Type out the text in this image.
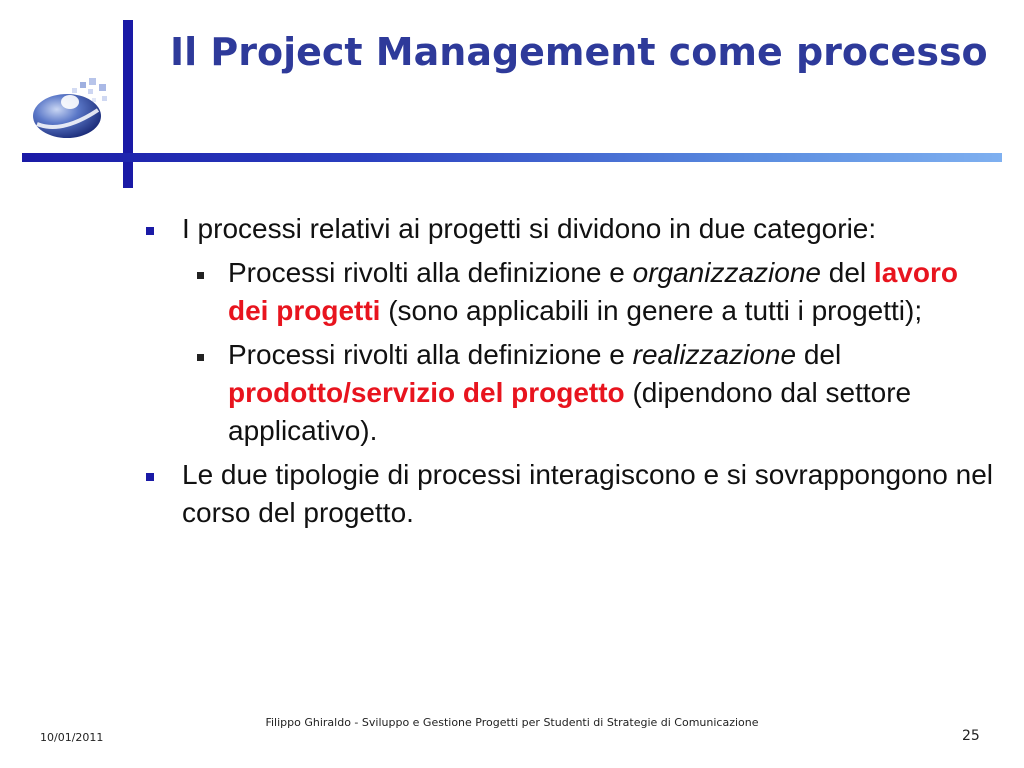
Il Project Management come processo
I processi relativi ai progetti si dividono in due categorie:
Processi rivolti alla definizione e organizzazione del lavoro dei progetti (sono applicabili in genere a tutti i progetti);
Processi rivolti alla definizione e realizzazione del prodotto/servizio del progetto (dipendono dal settore applicativo).
Le due tipologie di processi interagiscono e si sovrappongono nel corso del progetto.
10/01/2011
Filippo Ghiraldo - Sviluppo e Gestione Progetti per Studenti di Strategie di Comunicazione
25
